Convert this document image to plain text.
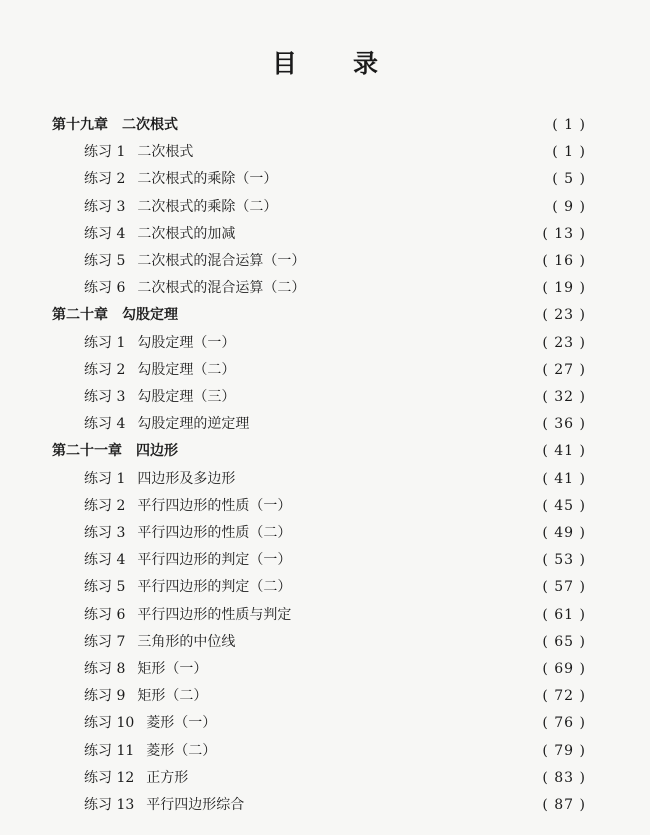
目 录
第十九章 二次根式	( 1 )
练习 1 二次根式	( 1 )
练习 2 二次根式的乘除（一）	( 5 )
练习 3 二次根式的乘除（二）	( 9 )
练习 4 二次根式的加减	( 13 )
练习 5 二次根式的混合运算（一）	( 16 )
练习 6 二次根式的混合运算（二）	( 19 )
第二十章 勾股定理	( 23 )
练习 1 勾股定理（一）	( 23 )
练习 2 勾股定理（二）	( 27 )
练习 3 勾股定理（三）	( 32 )
练习 4 勾股定理的逆定理	( 36 )
第二十一章 四边形	( 41 )
练习 1 四边形及多边形	( 41 )
练习 2 平行四边形的性质（一）	( 45 )
练习 3 平行四边形的性质（二）	( 49 )
练习 4 平行四边形的判定（一）	( 53 )
练习 5 平行四边形的判定（二）	( 57 )
练习 6 平行四边形的性质与判定	( 61 )
练习 7 三角形的中位线	( 65 )
练习 8 矩形（一）	( 69 )
练习 9 矩形（二）	( 72 )
练习 10 菱形（一）	( 76 )
练习 11 菱形（二）	( 79 )
练习 12 正方形	( 83 )
练习 13 平行四边形综合	( 87 )
